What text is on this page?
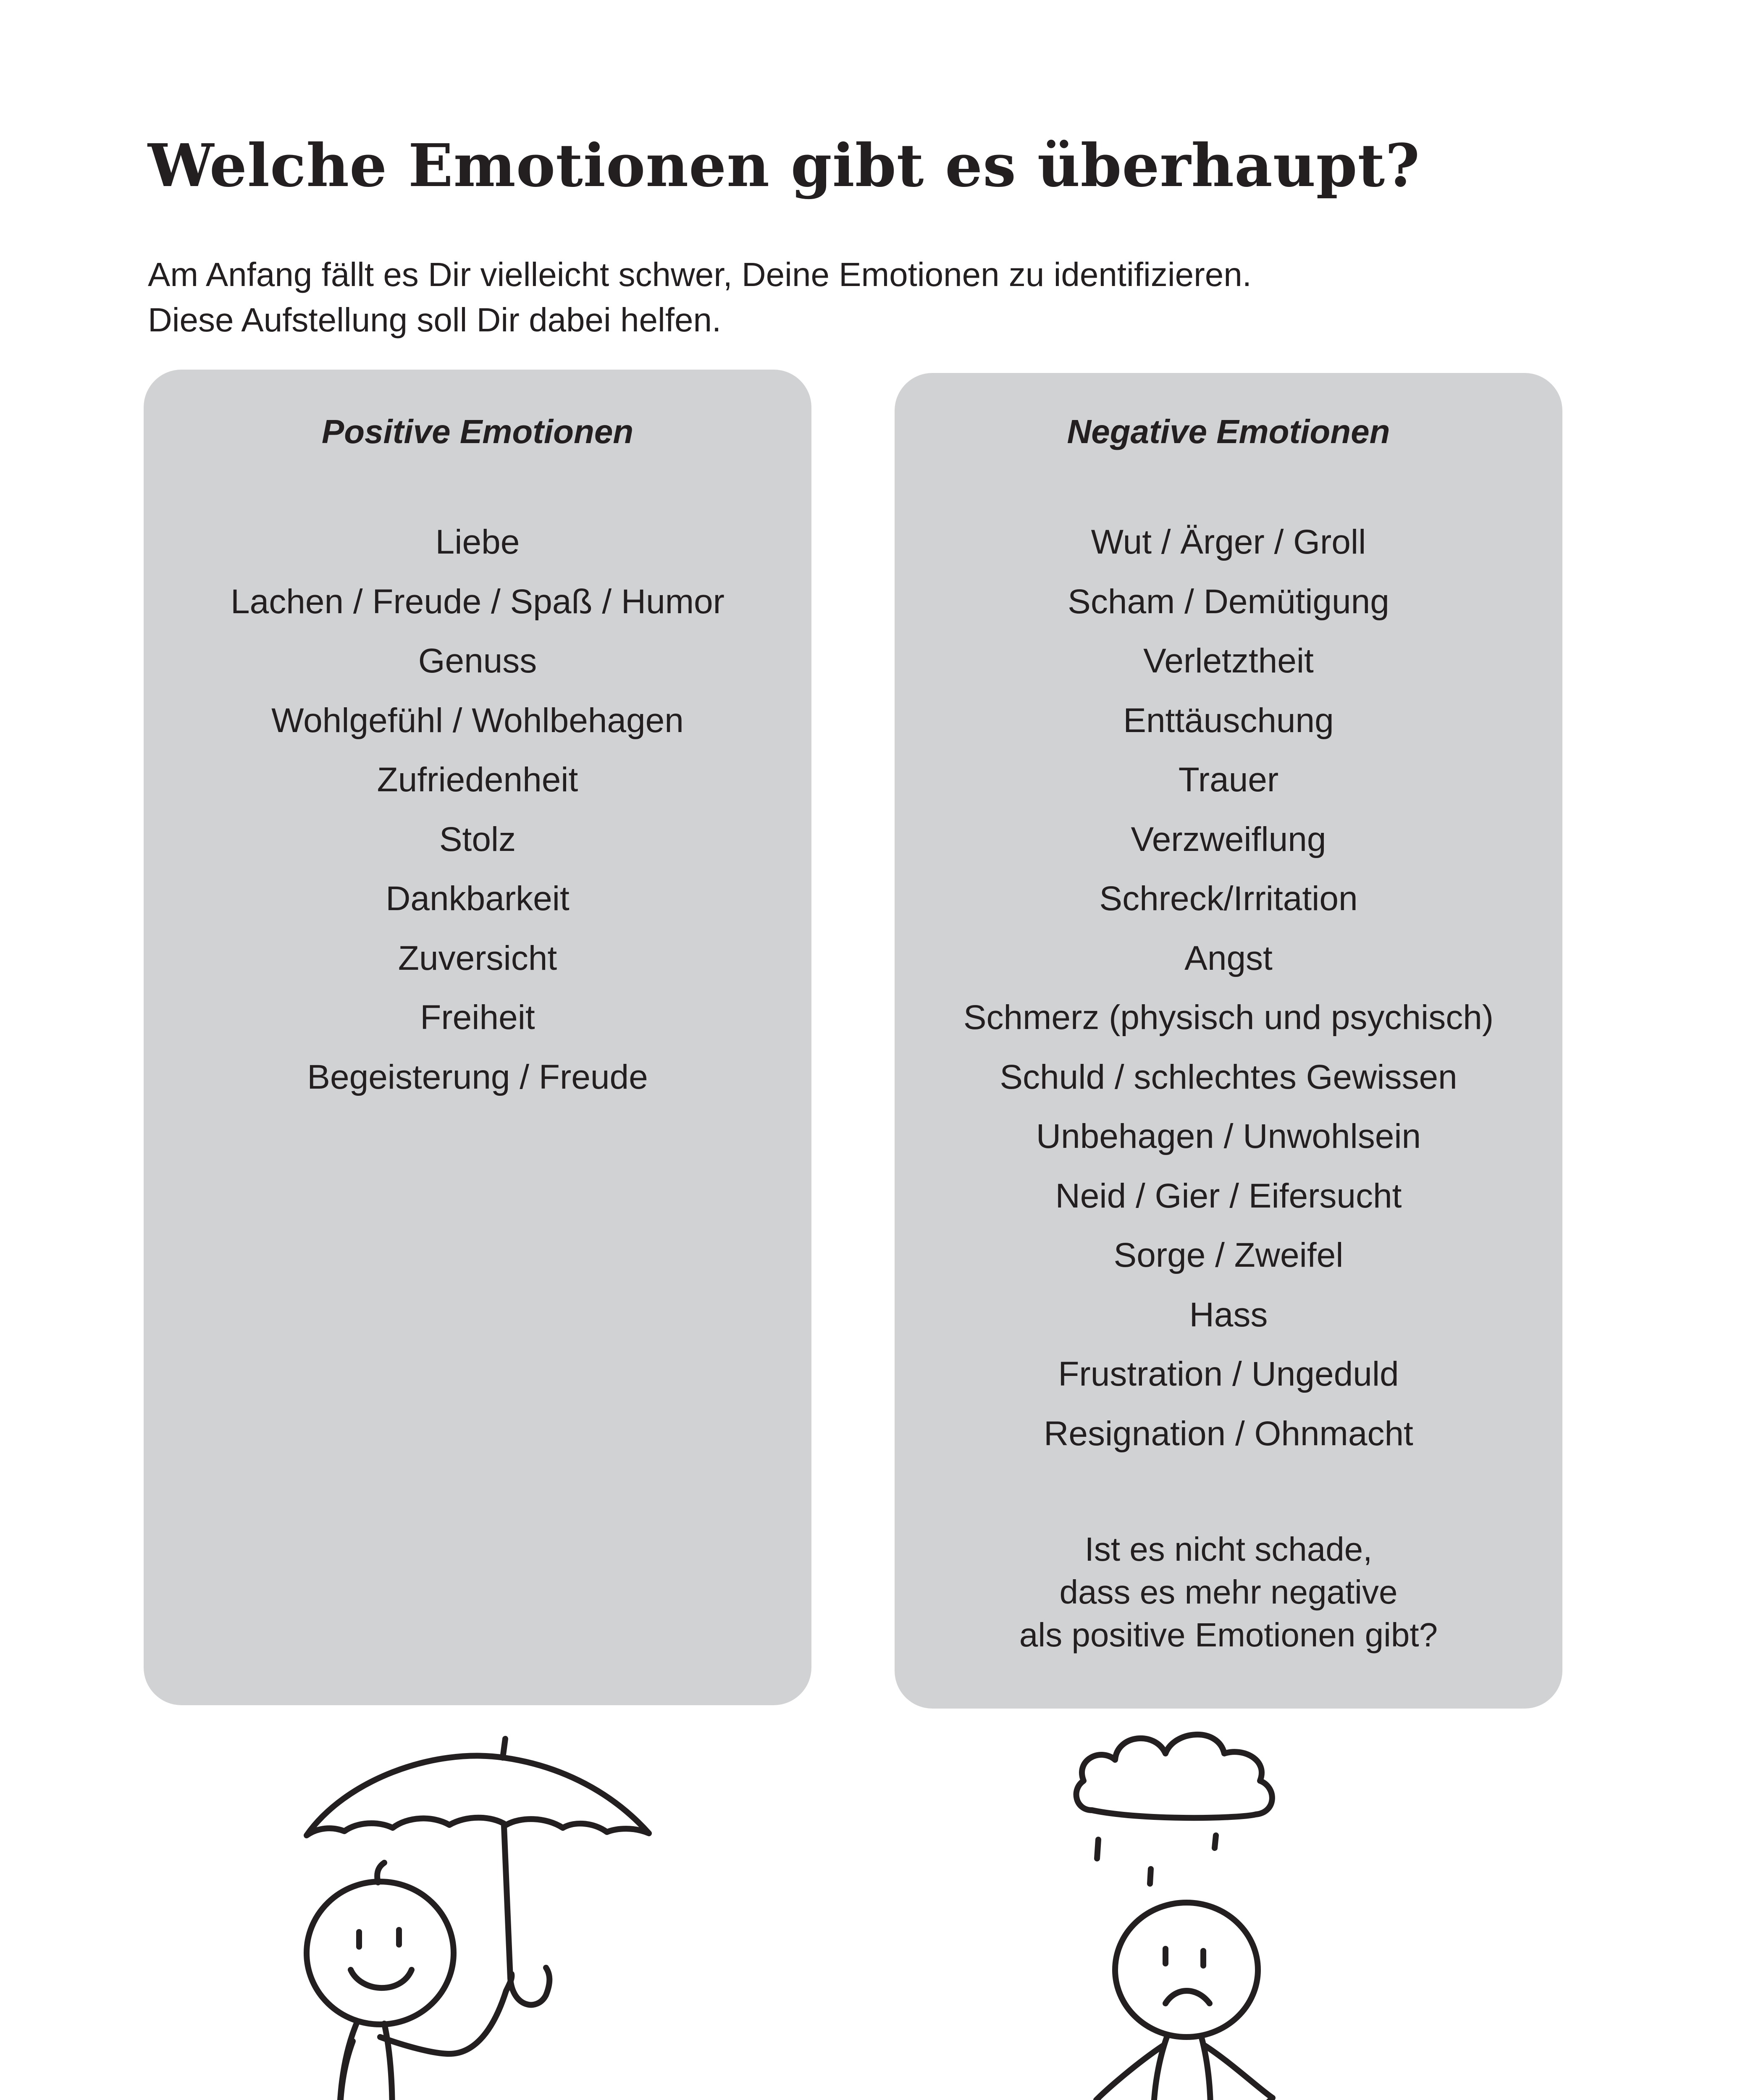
Welche Emotionen gibt es überhaupt?

Am Anfang fällt es Dir vielleicht schwer, Deine Emotionen zu identifizieren.
Diese Aufstellung soll Dir dabei helfen.

Positive Emotionen
Liebe
Lachen / Freude / Spaß / Humor
Genuss
Wohlgefühl / Wohlbehagen
Zufriedenheit
Stolz
Dankbarkeit
Zuversicht
Freiheit
Begeisterung / Freude
Negative Emotionen
Wut / Ärger / Groll
Scham / Demütigung
Verletztheit
Enttäuschung
Trauer
Verzweiflung
Schreck/Irritation
Angst
Schmerz (physisch und psychisch)
Schuld / schlechtes Gewissen
Unbehagen / Unwohlsein
Neid / Gier / Eifersucht
Sorge / Zweifel
Hass
Frustration / Ungeduld
Resignation / Ohnmacht

Ist es nicht schade,
dass es mehr negative
als positive Emotionen gibt?
